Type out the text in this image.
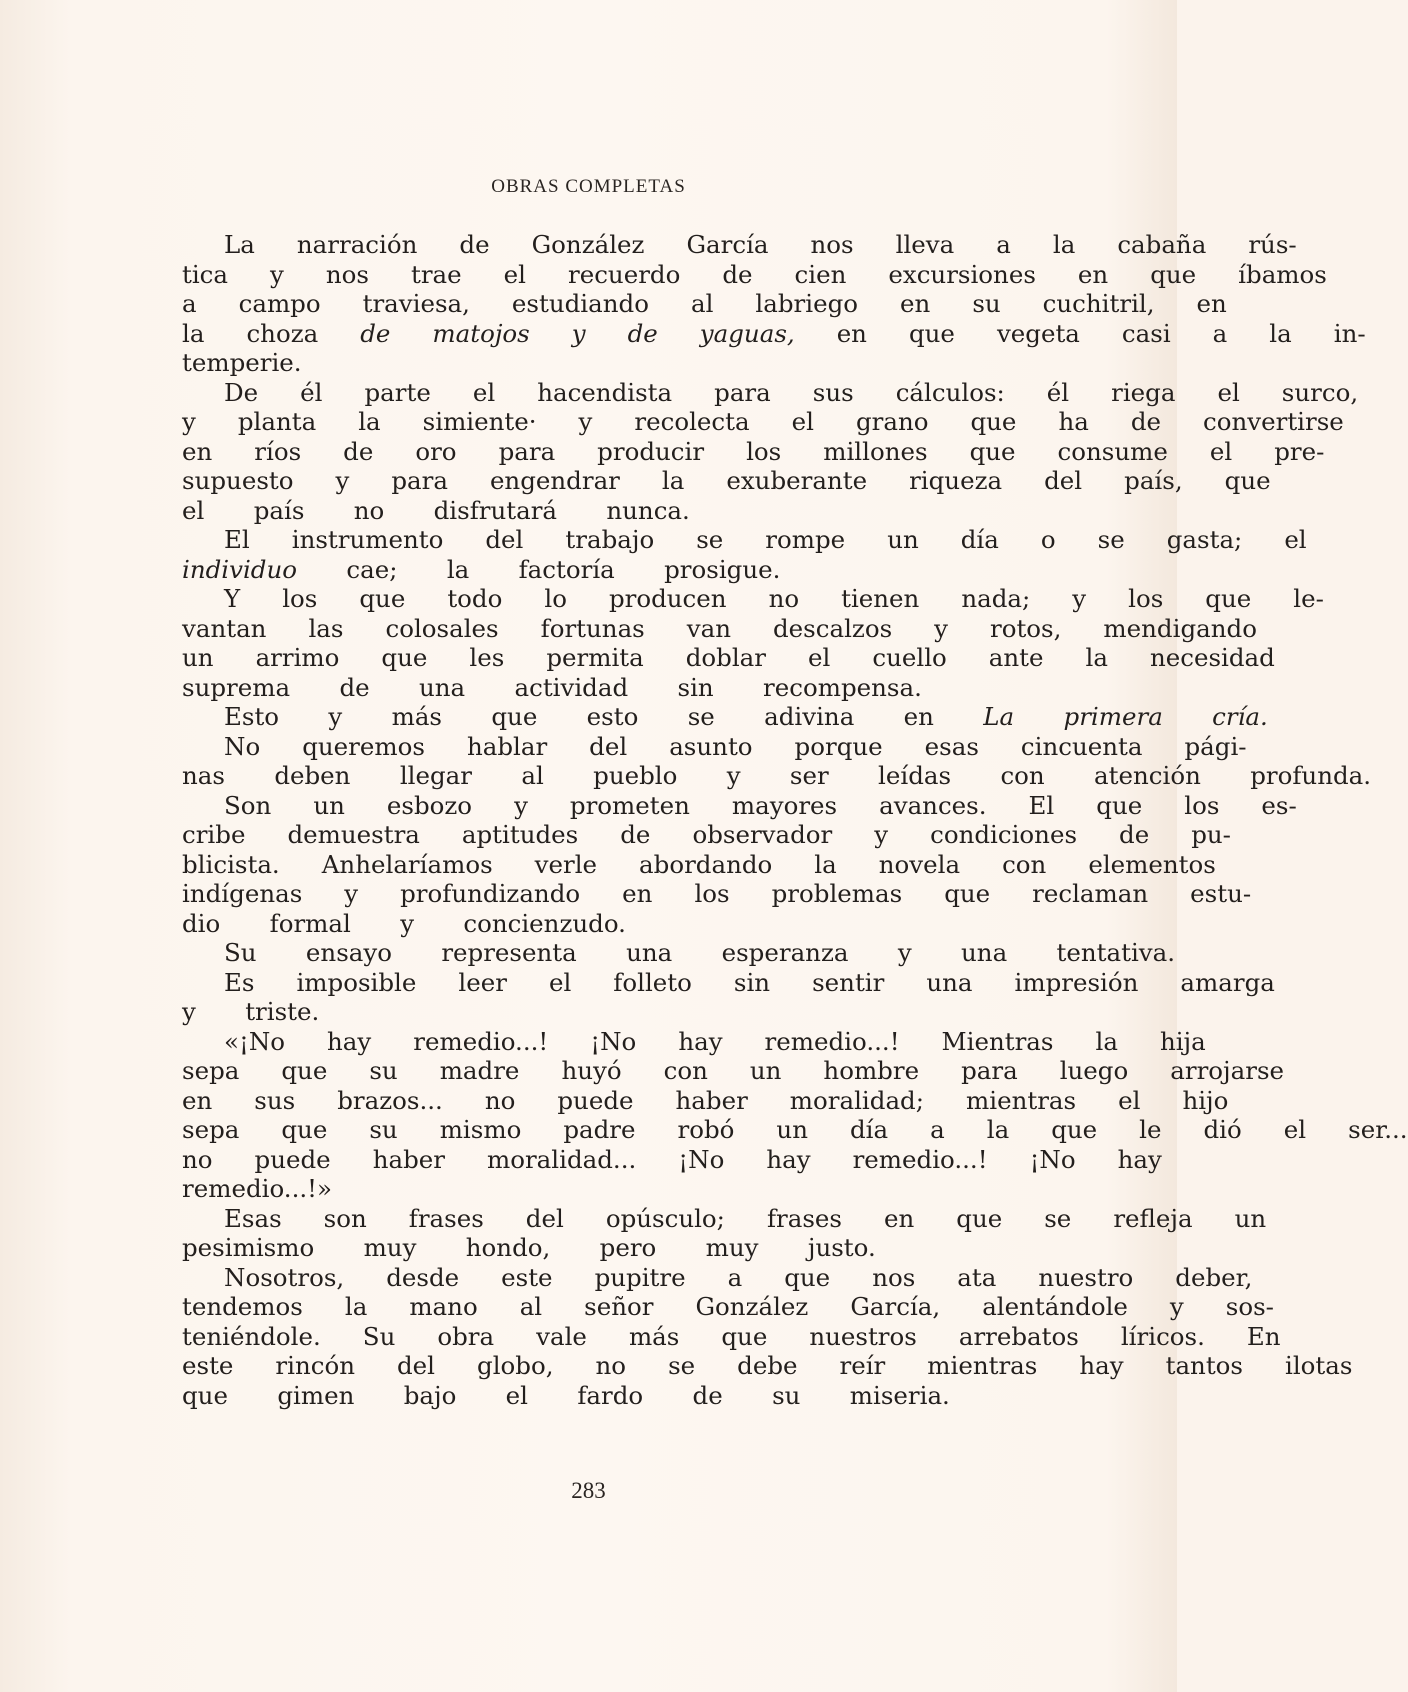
OBRAS COMPLETAS
La	narración	de	González	García	nos	lleva	a	la	cabaña	rús-
tica	y	nos	trae	el	recuerdo	de	cien	excursiones	en	que	íbamos
a	campo	traviesa,	estudiando	al	labriego	en	su	cuchitril,	en
la	choza	de	matojos	y	de	yaguas,	en	que	vegeta	casi	a	la	in-
temperie.
De	él	parte	el	hacendista	para	sus	cálculos:	él	riega	el	surco,
y	planta	la	simiente·	y	recolecta	el	grano	que	ha	de	convertirse
en	ríos	de	oro	para	producir	los	millones	que	consume	el	pre-
supuesto	y	para	engendrar	la	exuberante	riqueza	del	país,	que
el	país	no	disfrutará	nunca.
El	instrumento	del	trabajo	se	rompe	un	día	o	se	gasta;	el
individuo	cae;	la	factoría	prosigue.
Y	los	que	todo	lo	producen	no	tienen	nada;	y	los	que	le-
vantan	las	colosales	fortunas	van	descalzos	y	rotos,	mendigando
un	arrimo	que	les	permita	doblar	el	cuello	ante	la	necesidad
suprema	de	una	actividad	sin	recompensa.
Esto	y	más	que	esto	se	adivina	en	La	primera	cría.
No	queremos	hablar	del	asunto	porque	esas	cincuenta	pági-
nas	deben	llegar	al	pueblo	y	ser	leídas	con	atención	profunda.
Son	un	esbozo	y	prometen	mayores	avances.	El	que	los	es-
cribe	demuestra	aptitudes	de	observador	y	condiciones	de	pu-
blicista.	Anhelaríamos	verle	abordando	la	novela	con	elementos
indígenas	y	profundizando	en	los	problemas	que	reclaman	estu-
dio	formal	y	concienzudo.
Su	ensayo	representa	una	esperanza	y	una	tentativa.
Es	imposible	leer	el	folleto	sin	sentir	una	impresión	amarga
y	triste.
«¡No	hay	remedio...!	¡No	hay	remedio...!	Mientras	la	hija
sepa	que	su	madre	huyó	con	un	hombre	para	luego	arrojarse
en	sus	brazos...	no	puede	haber	moralidad;	mientras	el	hijo
sepa	que	su	mismo	padre	robó	un	día	a	la	que	le	dió	el	ser...
no	puede	haber	moralidad...	¡No	hay	remedio...!	¡No	hay
remedio...!»
Esas	son	frases	del	opúsculo;	frases	en	que	se	refleja	un
pesimismo	muy	hondo,	pero	muy	justo.
Nosotros,	desde	este	pupitre	a	que	nos	ata	nuestro	deber,
tendemos	la	mano	al	señor	González	García,	alentándole	y	sos-
teniéndole.	Su	obra	vale	más	que	nuestros	arrebatos	líricos.	En
este	rincón	del	globo,	no	se	debe	reír	mientras	hay	tantos	ilotas
que	gimen	bajo	el	fardo	de	su	miseria.
283
